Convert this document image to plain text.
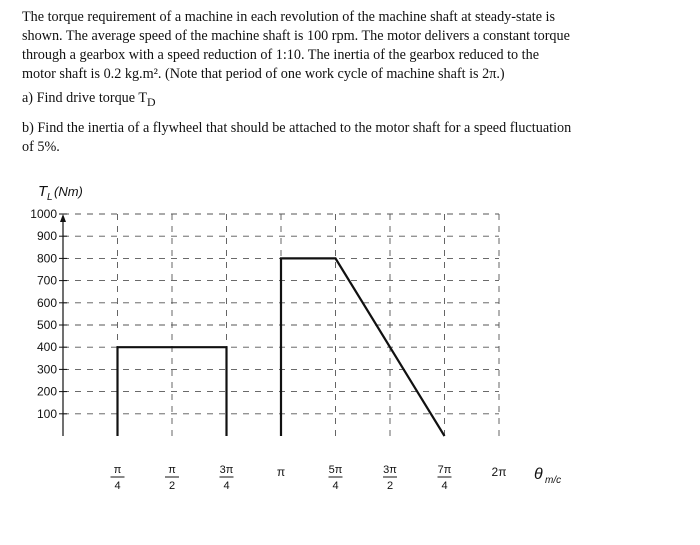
The torque requirement of a machine in each revolution of the machine shaft at steady-state is
shown. The average speed of the machine shaft is 100 rpm. The motor delivers a constant torque
through a gearbox with a speed reduction of 1:10. The inertia of the gearbox reduced to the
motor shaft is 0.2 kg.m². (Note that period of one work cycle of machine shaft is 2π.)

a) Find drive torque $T_D$

b) Find the inertia of a flywheel that should be attached to the motor shaft for a speed fluctuation
of 5%.

1000
900
800
700
600
500
400
300
200
100
π
4
π
2
3π
4
π	5π
4
3π
2
7π
4
2π
T L (Nm)
θ m/c
